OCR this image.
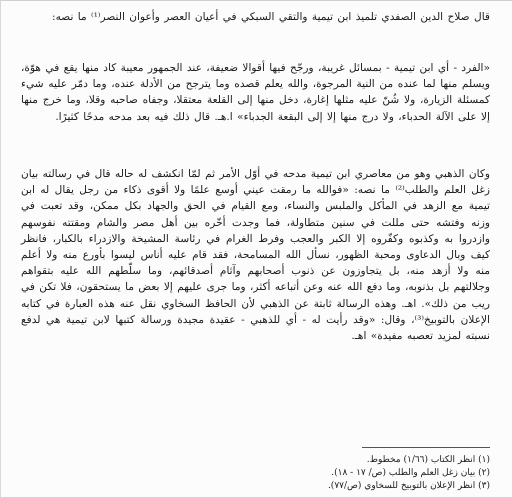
قال صلاح الدين الصفدي تلميذ ابن تيمية والتقي السبكي في أعيان العصر وأعوان النصر⁽¹⁾ ما نصه:

«الفرد - أي ابن تيمية - بمسائل غريبة، ورجّح فيها أقوالا ضعيفة، عند الجمهور معيبة كاد منها يقع في هوّة، ويسلم منها لما عنده من النية المرجوة، والله يعلم قصده وما يترجح من الأدلة عنده، وما دمّر عليه شيء كمسئلة الزيارة، ولا شُنّ عليه مثلها إغارة، دخل منها إلى القلعة معتقلا، وجفاه صاحبه وقلا، وما خرج منها إلا على الآلة الحدباء، ولا درج منها إلا إلى البقعة الجدباء» ا.هـ. قال ذلك فيه بعد مدحه مدحًا كثيرًا.

وكان الذهبي وهو من معاصري ابن تيمية مدحه في أوّل الأمر ثم لمّا انكشف له حاله قال في رسالته بيان زغل العلم والطلب⁽²⁾ ما نصه: «فوالله ما رمقت عيني أوسع علمًا ولا أقوى ذكاء من رجل يقال له ابن تيمية مع الزهد في المأكل والملبس والنساء، ومع القيام في الحق والجهاد بكل ممكن، وقد تعبت في وزنه وفتشه حتى مللت في سنين متطاولة، فما وجدت أخّره بين أهل مصر والشام ومقتته نفوسهم وازدروا به وكذبوه وكفّروه إلا الكبر والعجب وفرط الغرام في رئاسة المشيخة والازدراء بالكبار، فانظر كيف وبال الدعاوى ومحبة الظهور، نسأل الله المسامحة، فقد قام عليه أناس ليسوا بأورع منه ولا أعلم منه ولا أزهد منه، بل يتجاوزون عن ذنوب أصحابهم وآثام أصدقائهم، وما سلّطهم الله عليه بتقواهم وجلالتهم بل بذنوبه، وما دفع الله عنه وعن أتباعه أكثر، وما جرى عليهم إلا بعض ما يستحقون، فلا تكن في ريب من ذلك». اهـ. وهذه الرسالة ثابتة عن الذهبي لأن الحافظ السخاوي نقل عنه هذه العبارة في كتابه الإعلان بالتوبيخ⁽³⁾، وقال: «وقد رأيت له - أي للذهبي - عقيدة مجيدة ورسالة كتبها لابن تيمية هي لدفع نسبته لمزيد تعصبه مفيدة» اهـ.

(١) انظر الكتاب (١/٦٦) مخطوط.
(٢) بيان زغل العلم والطلب (ص/ ١٧ - ١٨).
(٣) انظر الإعلان بالتوبيخ للسخاوي (ص/٧٧).
